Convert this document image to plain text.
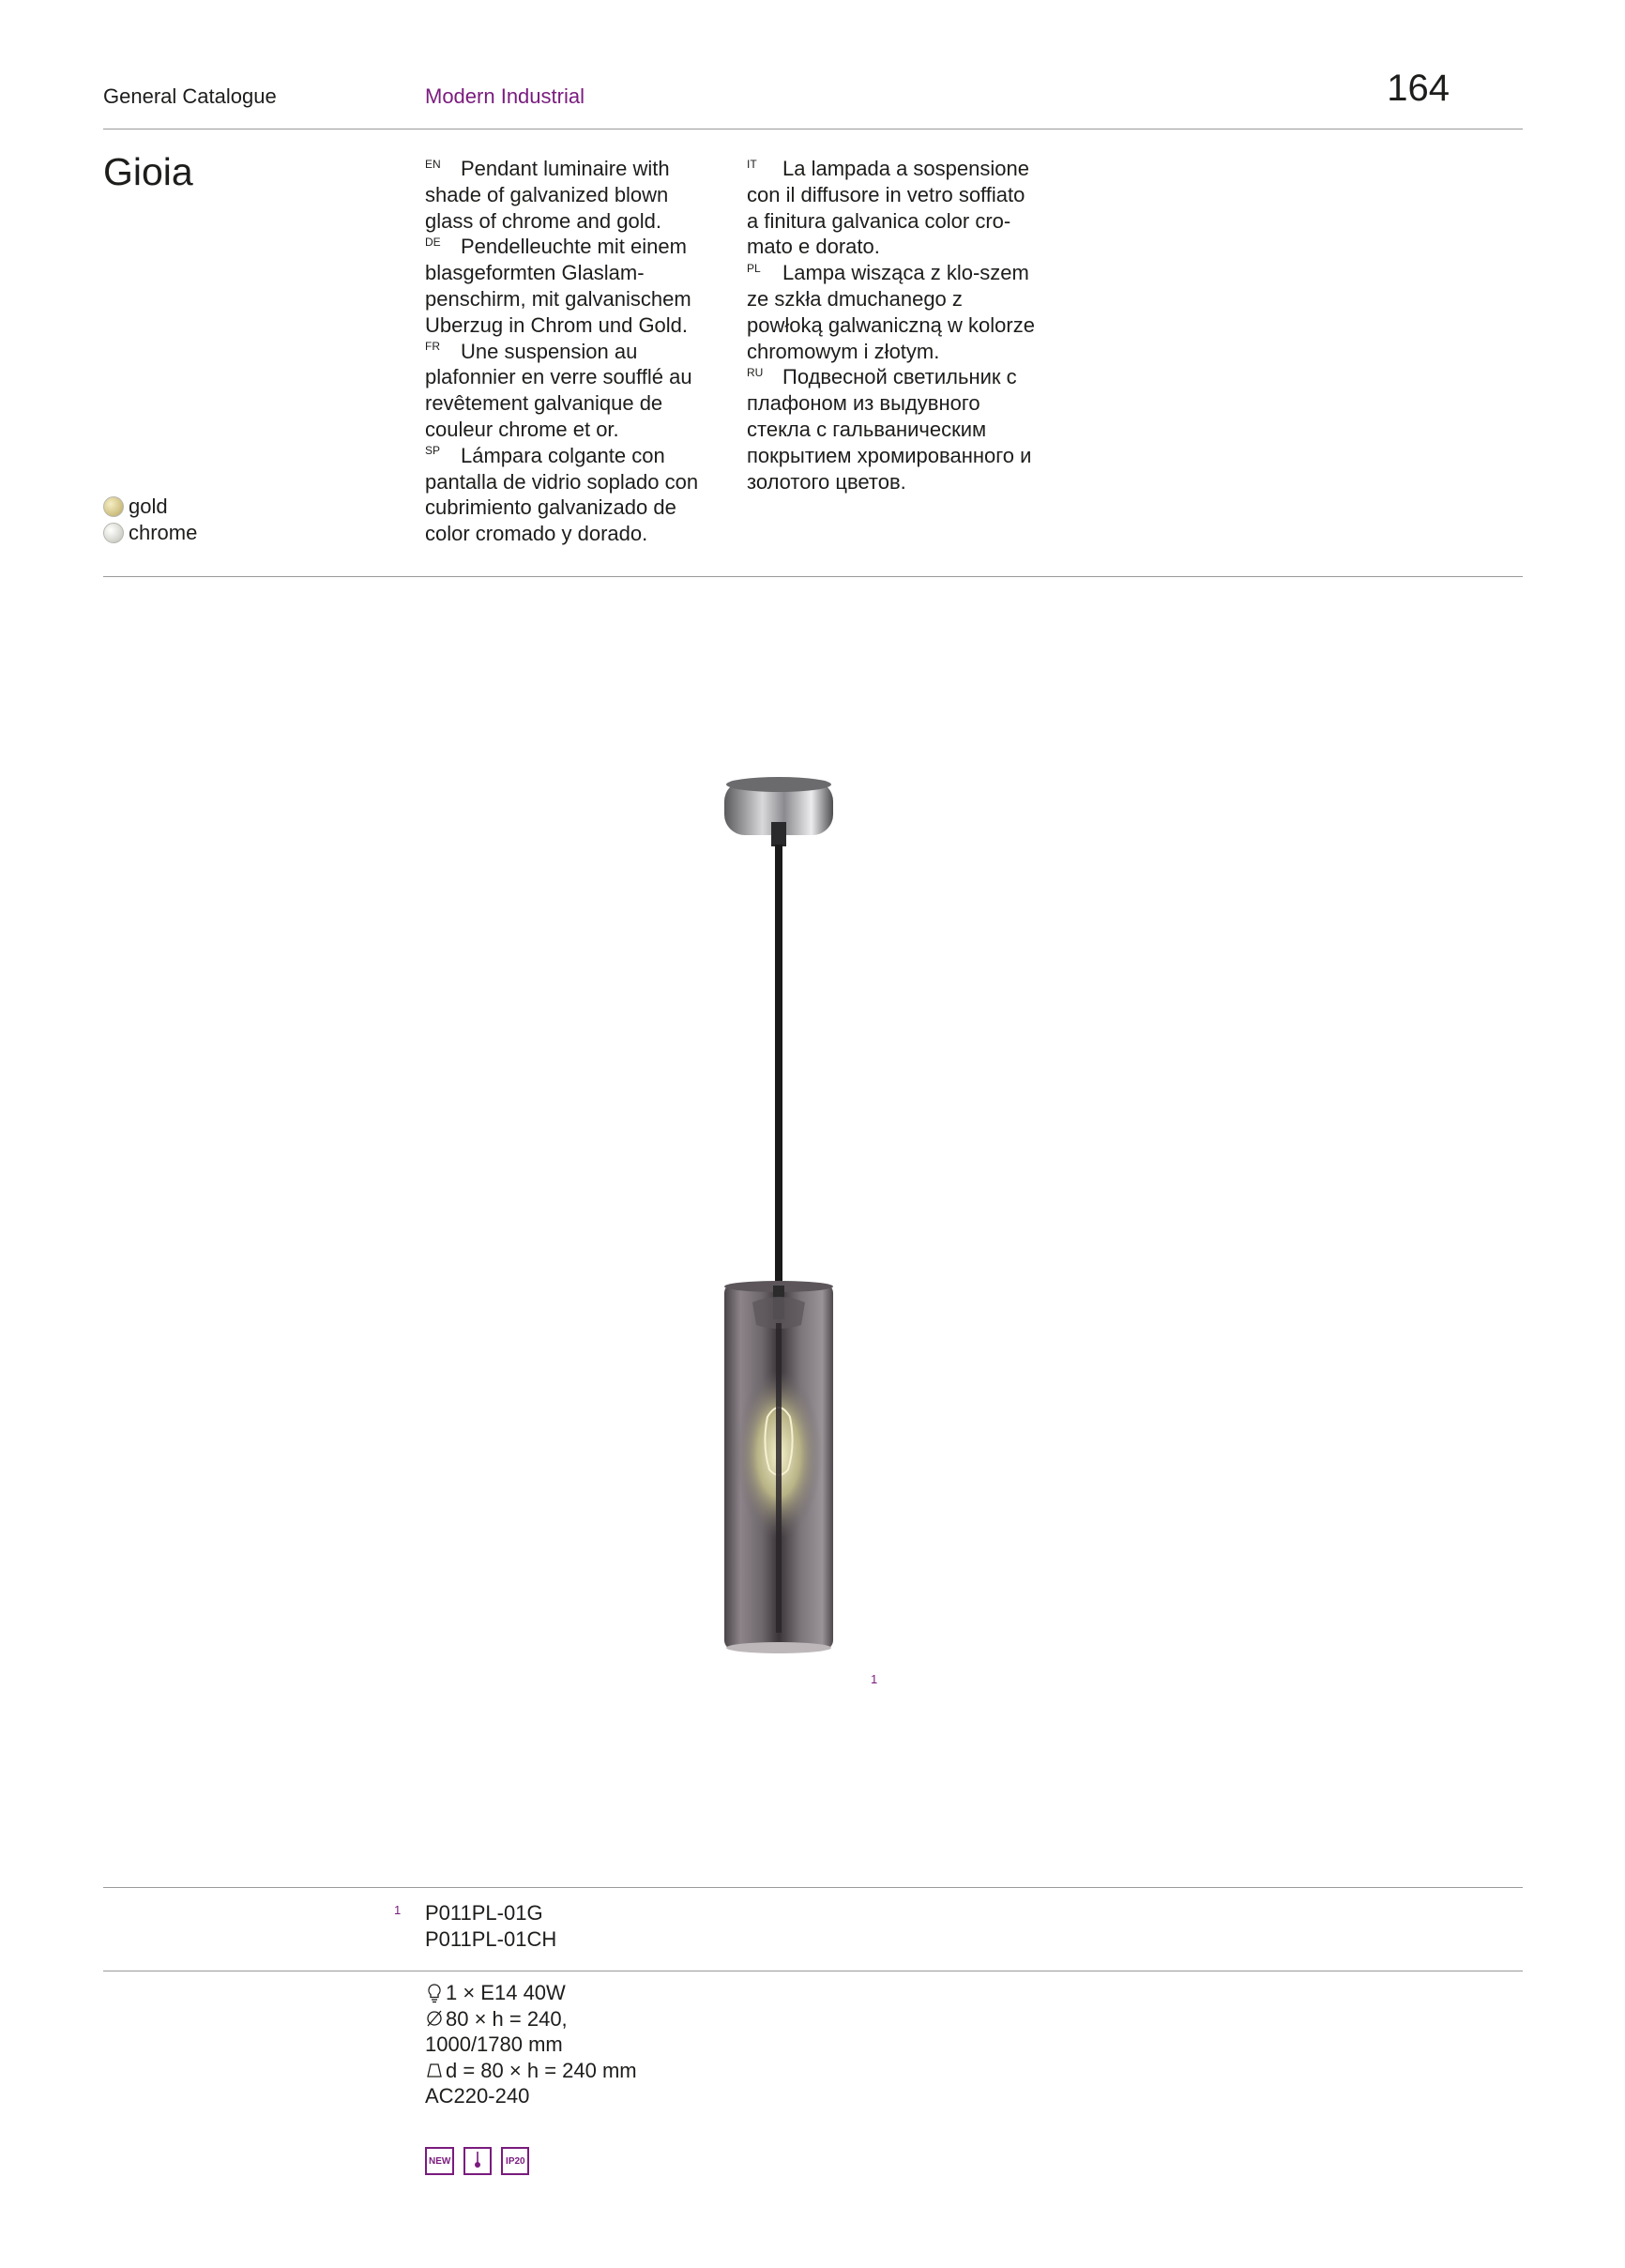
General Catalogue	Modern Industrial	164
Gioia	EN Pendant luminaire with shade of galvanized blown glass of chrome and gold.

DE Pendelleuchte mit einem blasgeformten Glaslam-penschirm, mit galvanischem Uberzug in Chrom und Gold.

FR Une suspension au plafonnier en verre soufflé au revêtement galvanique de couleur chrome et or.

SP Lámpara colgante con pantalla de vidrio soplado con cubrimiento galvanizado de color cromado y dorado.

IT La lampada a sospensione con il diffusore in vetro soffiato a finitura galvanica color cro-mato e dorato.

PL Lampa wisząca z klo-szem ze szkła dmuchanego z powłoką galwaniczną w kolorze chromowym i złotym.

RU Подвесной светильник с плафоном из выдувного стекла с гальваническим покрытием хромированного и золотого цветов.

gold
chrome
1
1 P011PL-01G
P011PL-01CH
1 × E14 40W
80 × h = 240,
1000/1780 mm
d = 80 × h = 240 mm
AC220-240
NEW	IP20
